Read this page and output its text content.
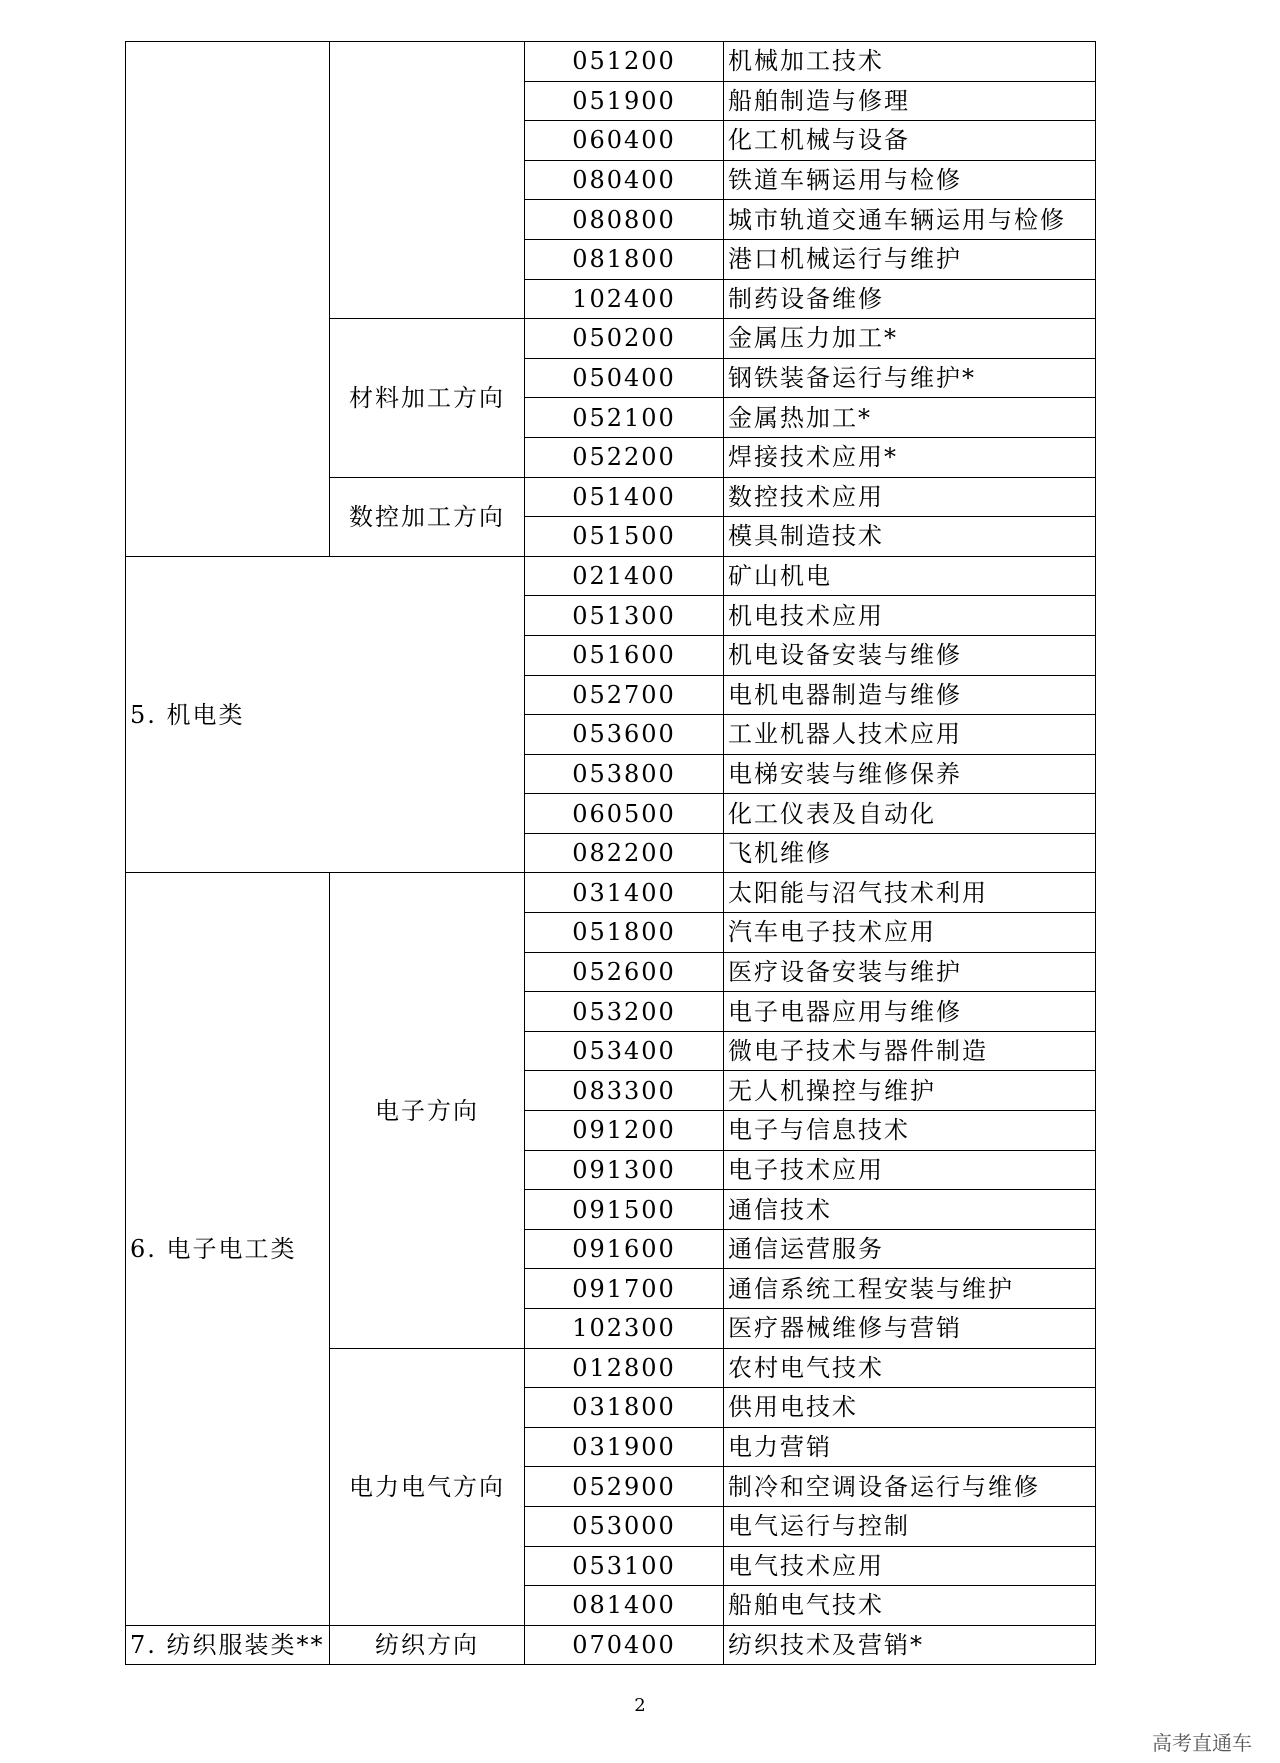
		051200	机械加工技术
		051900	船舶制造与修理
		060400	化工机械与设备
		080400	铁道车辆运用与检修
		080800	城市轨道交通车辆运用与检修
		081800	港口机械运行与维护
		102400	制药设备维修
	材料加工方向	050200	金属压力加工*
		050400	钢铁装备运行与维护*
		052100	金属热加工*
		052200	焊接技术应用*
	数控加工方向	051400	数控技术应用
		051500	模具制造技术
5. 机电类		021400	矿山机电
		051300	机电技术应用
		051600	机电设备安装与维修
		052700	电机电器制造与维修
		053600	工业机器人技术应用
		053800	电梯安装与维修保养
		060500	化工仪表及自动化
		082200	飞机维修
6. 电子电工类	电子方向	031400	太阳能与沼气技术利用
		051800	汽车电子技术应用
		052600	医疗设备安装与维护
		053200	电子电器应用与维修
		053400	微电子技术与器件制造
		083300	无人机操控与维护
		091200	电子与信息技术
		091300	电子技术应用
		091500	通信技术
		091600	通信运营服务
		091700	通信系统工程安装与维护
		102300	医疗器械维修与营销
	电力电气方向	012800	农村电气技术
		031800	供用电技术
		031900	电力营销
		052900	制冷和空调设备运行与维修
		053000	电气运行与控制
		053100	电气技术应用
		081400	船舶电气技术
7. 纺织服装类**	纺织方向	070400	纺织技术及营销*
2
高考直通车
